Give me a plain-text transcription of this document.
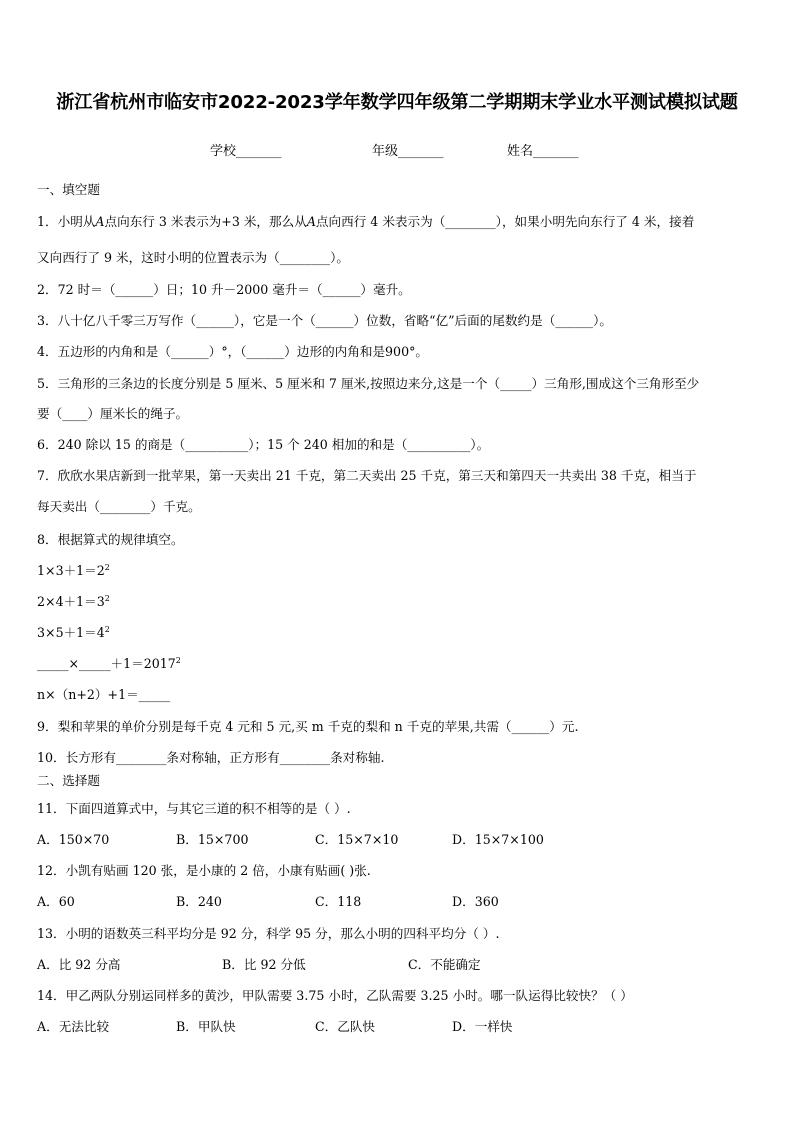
浙江省杭州市临安市2022-2023学年数学四年级第二学期期末学业水平测试模拟试题
学校_______	年级_______	姓名_______
一、填空题
1．小明从A点向东行 3 米表示为+3 米，那么从A点向西行 4 米表示为（________），如果小明先向东行了 4 米，接着
又向西行了 9 米，这时小明的位置表示为（________）。
2．72 时＝（______）日；10 升－2000 毫升＝（______）毫升。
3．八十亿八千零三万写作（______），它是一个（______）位数，省略“亿”后面的尾数约是（______）。
4．五边形的内角和是（______）°，（______）边形的内角和是900°。
5．三角形的三条边的长度分别是 5 厘米、5 厘米和 7 厘米,按照边来分,这是一个（_____）三角形,围成这个三角形至少
要（____）厘米长的绳子。
6．240 除以 15 的商是（__________）；15 个 240 相加的和是（__________）。
7．欣欣水果店新到一批苹果，第一天卖出 21 千克，第二天卖出 25 千克，第三天和第四天一共卖出 38 千克，相当于
每天卖出（________）千克。
8．根据算式的规律填空。
$1\times 3+1=2^2$
$2\times 4+1=3^2$
$3\times 5+1=4^2$
$\_\_\_\_\_\times\_\_\_\_\_+1=2017^2$
n×（n+2）+1＝_____
9．梨和苹果的单价分别是每千克 4 元和 5 元,买 m 千克的梨和 n 千克的苹果,共需（______）元.
10．长方形有________条对称轴，正方形有________条对称轴.
二、选择题
11．下面四道算式中，与其它三道的积不相等的是（ ）.
A．150×70	B．15×700	C．15×7×10	D．15×7×100
12．小凯有贴画 120 张，是小康的 2 倍，小康有贴画( )张.
A．60	B．240	C．118	D．360
13．小明的语数英三科平均分是 92 分，科学 95 分，那么小明的四科平均分（ ）.
A．比 92 分高	B．比 92 分低	C．不能确定
14．甲乙两队分别运同样多的黄沙，甲队需要 3.75 小时，乙队需要 3.25 小时。哪一队运得比较快？（ ）
A．无法比较	B．甲队快	C．乙队快	D．一样快
